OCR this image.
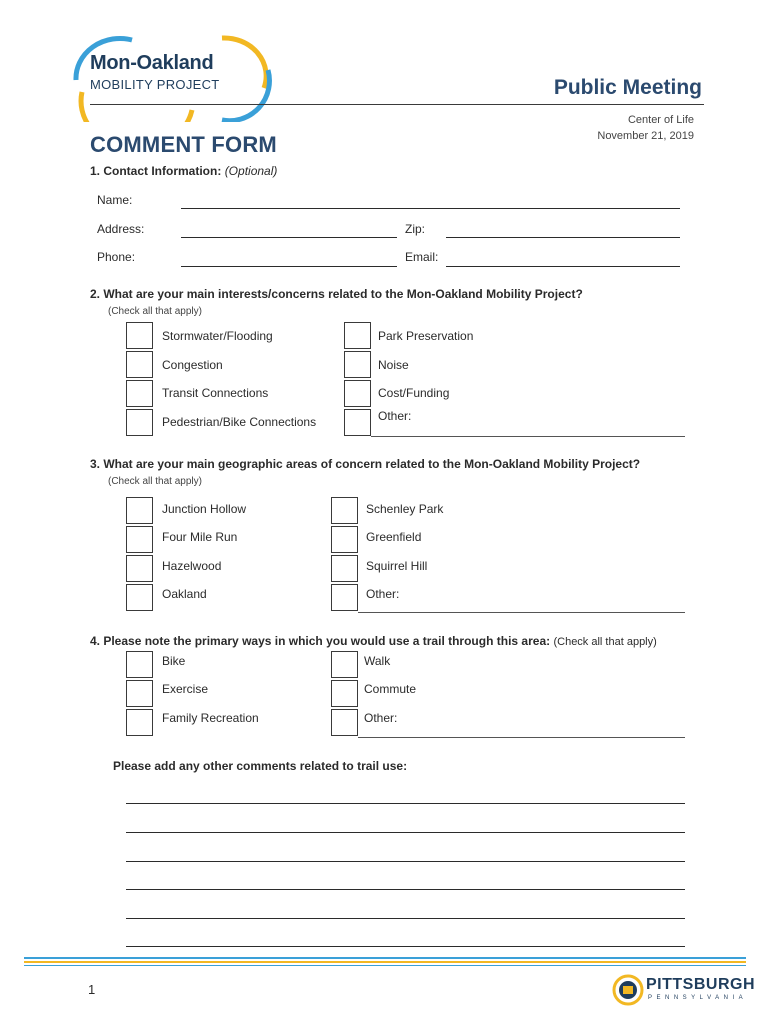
Mon-Oakland
MOBILITY PROJECT	Public Meeting
Center of Life
November 21, 2019
COMMENT FORM
1. Contact Information: (Optional)
Name:
Address:	Zip:
Phone:	Email:
2. What are your main interests/concerns related to the Mon-Oakland Mobility Project?
(Check all that apply)
Stormwater/Flooding
Congestion
Transit Connections
Pedestrian/Bike Connections
Park Preservation
Noise
Cost/Funding
Other:
3. What are your main geographic areas of concern related to the Mon-Oakland Mobility Project?
(Check all that apply)
Junction Hollow
Four Mile Run
Hazelwood
Oakland
Schenley Park
Greenfield
Squirrel Hill
Other:
4. Please note the primary ways in which you would use a trail through this area: (Check all that apply)
Bike
Exercise
Family Recreation
Walk
Commute
Other:
Please add any other comments related to trail use:
1	PITTSBURGH
PENNSYLVANIA
